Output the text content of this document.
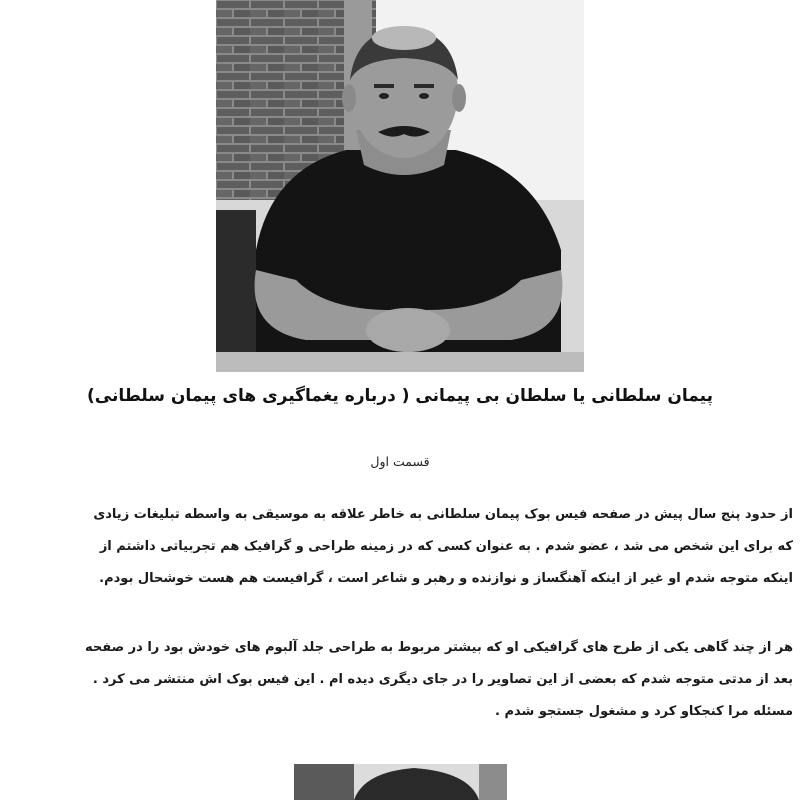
پیمان سلطانی یا سلطان بی پیمانی ( درباره یغماگیری های پیمان سلطانی)
قسمت اول
از حدود پنج سال پیش در صفحه فیس بوک پیمان سلطانی به خاطر علاقه به موسیقی به واسطه تبلیغات زیادی
که برای این شخص می شد ، عضو شدم . به عنوان کسی که در زمینه طراحی و گرافیک هم تجربیاتی داشتم از
اینکه متوجه شدم او غیر از اینکه آهنگساز و نوازنده و رهبر و شاعر است ، گرافیست هم هست خوشحال بودم.
هر از چند گاهی یکی از طرح های گرافیکی او که بیشتر مربوط به طراحی جلد آلبوم های خودش بود را در صفحه
بعد از مدتی متوجه شدم که بعضی از این تصاویر را در جای دیگری دیده ام . این فیس بوک اش منتشر می کرد .
مسئله مرا کنجکاو کرد و مشغول جستجو شدم .
